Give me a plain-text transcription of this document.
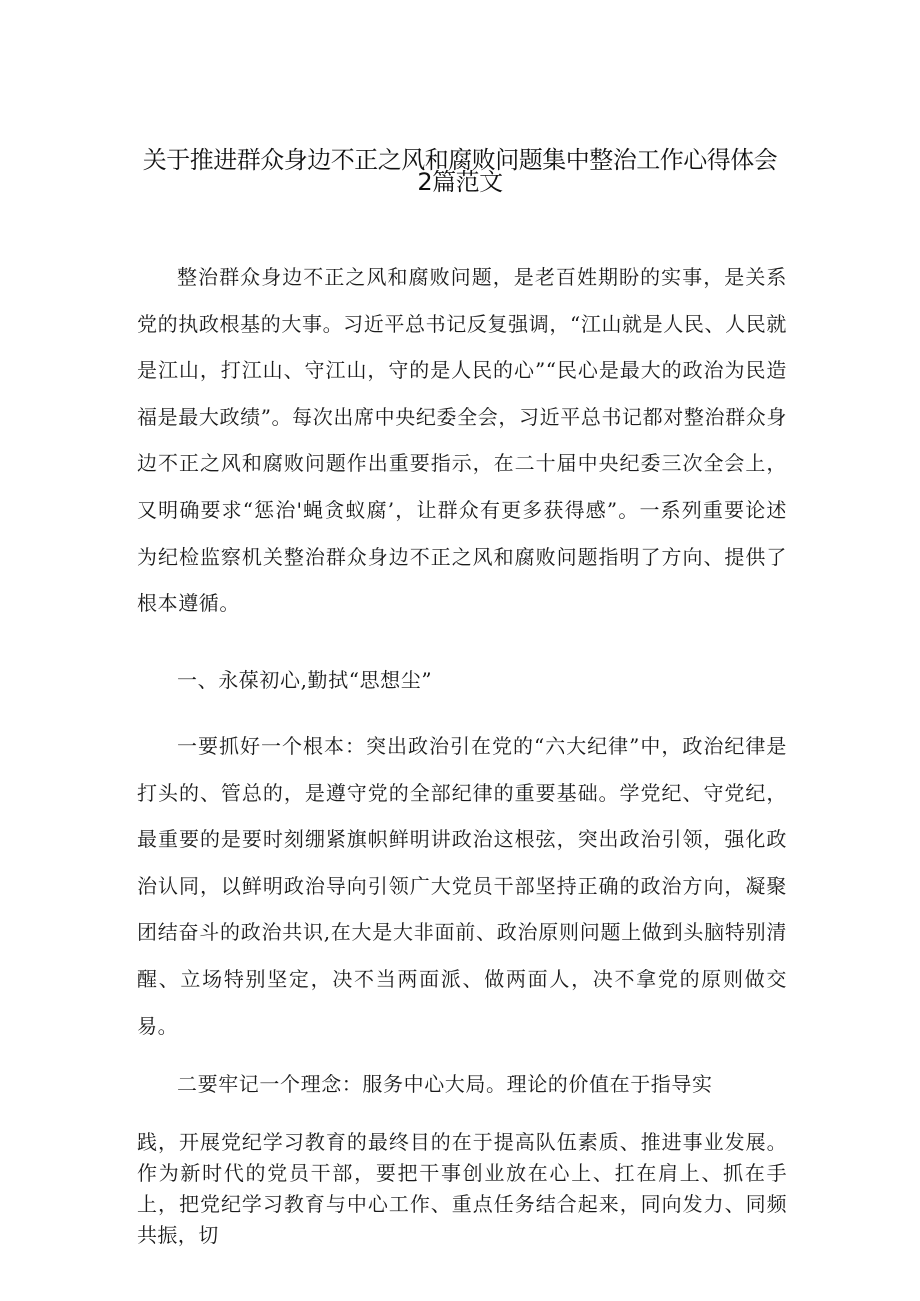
关于推进群众身边不正之风和腐败问题集中整治工作心得体会
2篇范文

整治群众身边不正之风和腐败问题，是老百姓期盼的实事，是关系党的执政根基的大事。习近平总书记反复强调，“江山就是人民、人民就是江山，打江山、守江山，守的是人民的心”“民心是最大的政治为民造福是最大政绩”。每次出席中央纪委全会，习近平总书记都对整治群众身边不正之风和腐败问题作出重要指示，在二十届中央纪委三次全会上，又明确要求“惩治'蝇贪蚁腐’，让群众有更多获得感”。一系列重要论述为纪检监察机关整治群众身边不正之风和腐败问题指明了方向、提供了根本遵循。

一、永葆初心,勤拭“思想尘”

一要抓好一个根本：突出政治引在党的“六大纪律”中，政治纪律是打头的、管总的，是遵守党的全部纪律的重要基础。学党纪、守党纪，最重要的是要时刻绷紧旗帜鲜明讲政治这根弦，突出政治引领，强化政治认同，以鲜明政治导向引领广大党员干部坚持正确的政治方向，凝聚团结奋斗的政治共识,在大是大非面前、政治原则问题上做到头脑特别清醒、立场特别坚定，决不当两面派、做两面人，决不拿党的原则做交易。

二要牢记一个理念：服务中心大局。理论的价值在于指导实

践，开展党纪学习教育的最终目的在于提高队伍素质、推进事业发展。作为新时代的党员干部，要把干事创业放在心上、扛在肩上、抓在手上，把党纪学习教育与中心工作、重点任务结合起来，同向发力、同频共振，切
